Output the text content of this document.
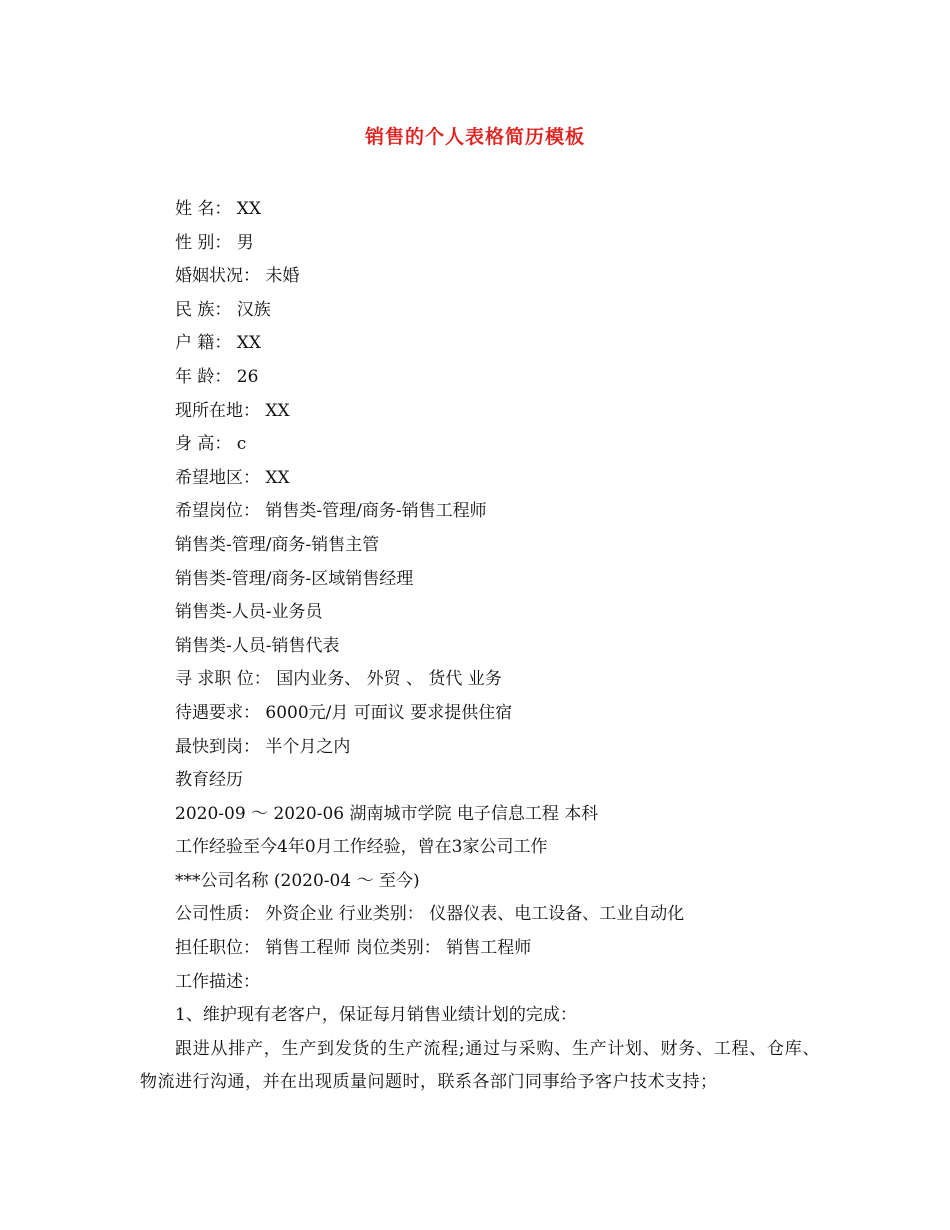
销售的个人表格简历模板
姓 名： XX
性 别： 男
婚姻状况： 未婚
民 族： 汉族
户 籍： XX
年 龄： 26
现所在地： XX
身 高： c
希望地区： XX
希望岗位： 销售类-管理/商务-销售工程师
销售类-管理/商务-销售主管
销售类-管理/商务-区域销售经理
销售类-人员-业务员
销售类-人员-销售代表
寻 求职 位： 国内业务、 外贸 、 货代 业务
待遇要求： 6000元/月 可面议 要求提供住宿
最快到岗： 半个月之内
教育经历
2020-09 ～ 2020-06 湖南城市学院 电子信息工程 本科
工作经验至今4年0月工作经验，曾在3家公司工作
***公司名称 (2020-04 ～ 至今)
公司性质： 外资企业 行业类别： 仪器仪表、电工设备、工业自动化
担任职位： 销售工程师 岗位类别： 销售工程师
工作描述：
1、维护现有老客户，保证每月销售业绩计划的完成：
跟进从排产，生产到发货的生产流程;通过与采购、生产计划、财务、工程、仓库、物流进行沟通，并在出现质量问题时，联系各部门同事给予客户技术支持；
